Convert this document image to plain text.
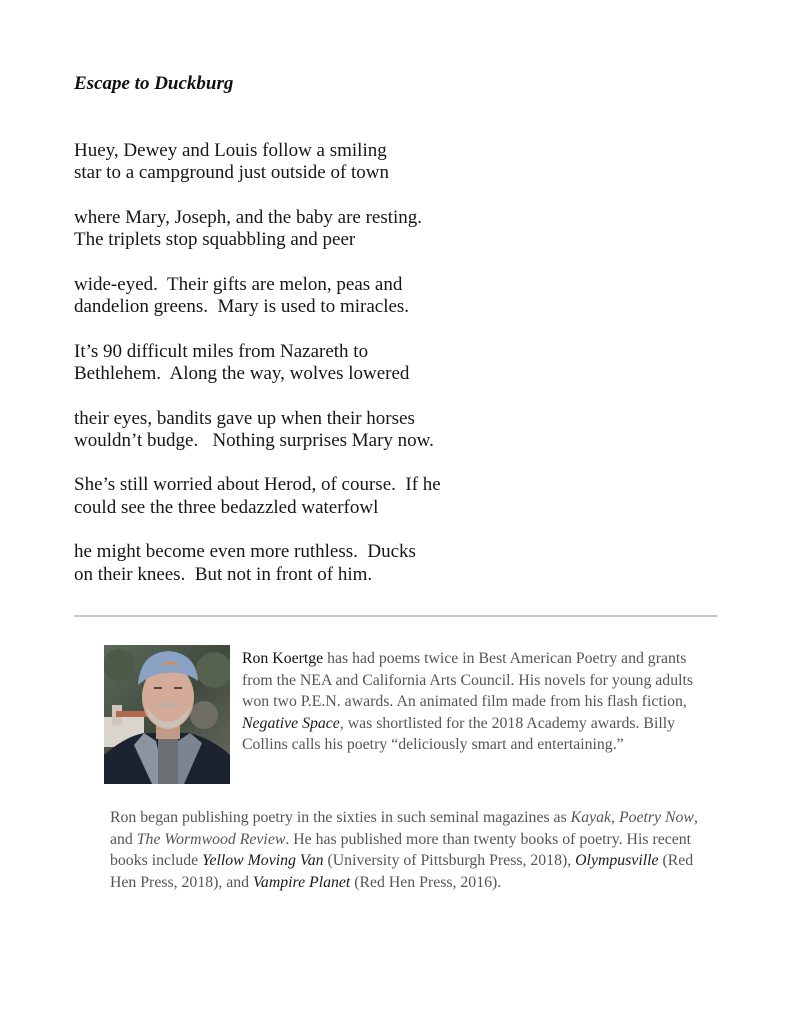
Escape to Duckburg

Huey, Dewey and Louis follow a smiling
star to a campground just outside of town

where Mary, Joseph, and the baby are resting.
The triplets stop squabbling and peer

wide-eyed.  Their gifts are melon, peas and
dandelion greens.  Mary is used to miracles.

It’s 90 difficult miles from Nazareth to
Bethlehem.  Along the way, wolves lowered

their eyes, bandits gave up when their horses
wouldn’t budge.   Nothing surprises Mary now.

She’s still worried about Herod, of course.  If he
could see the three bedazzled waterfowl

he might become even more ruthless.  Ducks
on their knees.  But not in front of him.

Ron Koertge has had poems twice in Best American Poetry and grants from the NEA and California Arts Council. His novels for young adults won two P.E.N. awards. An animated film made from his flash fiction, Negative Space, was shortlisted for the 2018 Academy awards. Billy Collins calls his poetry “deliciously smart and entertaining.”

Ron began publishing poetry in the sixties in such seminal magazines as Kayak, Poetry Now, and The Wormwood Review. He has published more than twenty books of poetry. His recent books include Yellow Moving Van (University of Pittsburgh Press, 2018), Olympusville (Red Hen Press, 2018), and Vampire Planet (Red Hen Press, 2016).
